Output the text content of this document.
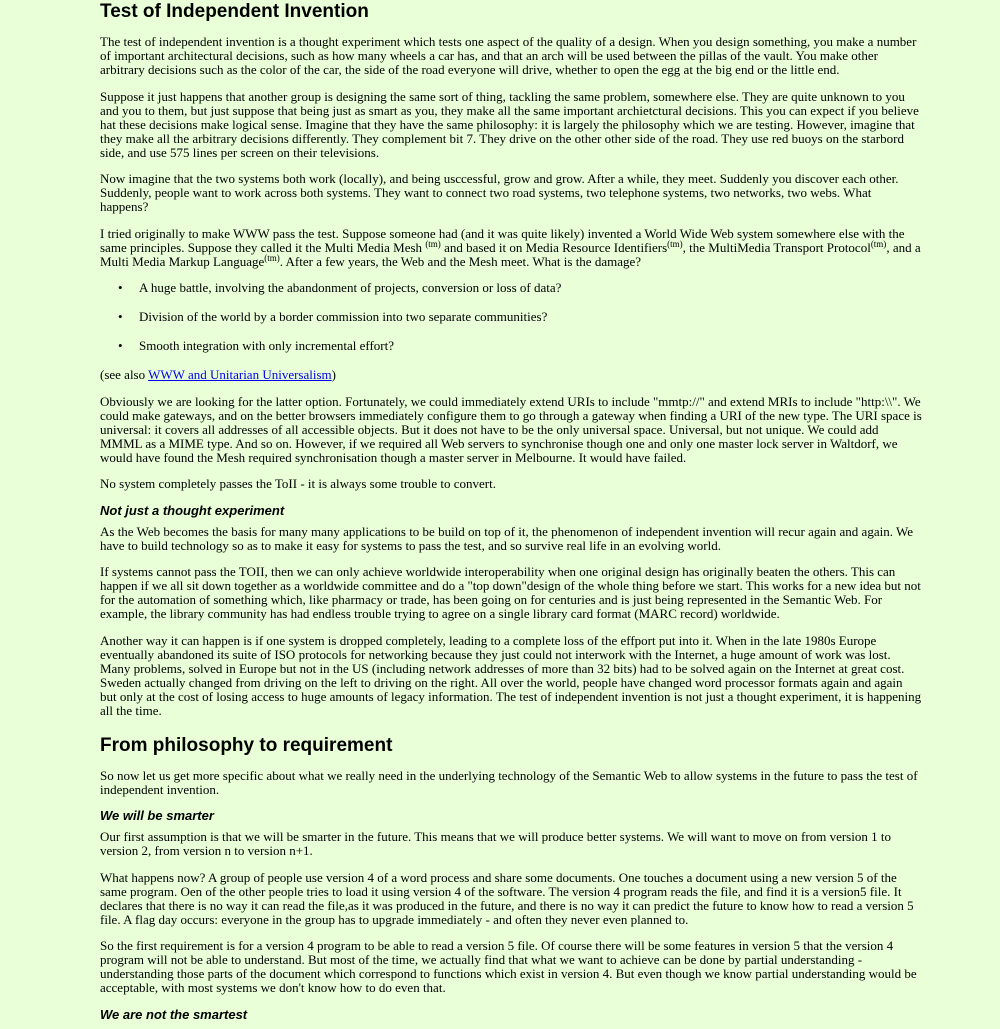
Test of Independent Invention

The test of independent invention is a thought experiment which tests one aspect of the quality of a design. When you design something, you make a number of important architectural decisions, such as how many wheels a car has, and that an arch will be used between the pillas of the vault. You make other arbitrary decisions such as the color of the car, the side of the road everyone will drive, whether to open the egg at the big end or the little end.

Suppose it just happens that another group is designing the same sort of thing, tackling the same problem, somewhere else. They are quite unknown to you and you to them, but just suppose that being just as smart as you, they make all the same important archietctural decisions. This you can expect if you believe hat these decisions make logical sense. Imagine that they have the same philosophy: it is largely the philosophy which we are testing. However, imagine that they make all the arbitrary decisions differently. They complement bit 7. They drive on the other other side of the road. They use red buoys on the starbord side, and use 575 lines per screen on their televisions.

Now imagine that the two systems both work (locally), and being usccessful, grow and grow. After a while, they meet. Suddenly you discover each other. Suddenly, people want to work across both systems. They want to connect two road systems, two telephone systems, two networks, two webs. What happens?

I tried originally to make WWW pass the test. Suppose someone had (and it was quite likely) invented a World Wide Web system somewhere else with the same principles. Suppose they called it the Multi Media Mesh $^{(tm)}$ and based it on Media Resource Identifiers$^{(tm)}$, the MultiMedia Transport Protocol$^{(tm)}$, and a Multi Media Markup Language$^{(tm)}$. After a few years, the Web and the Mesh meet. What is the damage?

• A huge battle, involving the abandonment of projects, conversion or loss of data?
• Division of the world by a border commission into two separate communities?
• Smooth integration with only incremental effort?

(see also WWW and Unitarian Universalism)

Obviously we are looking for the latter option. Fortunately, we could immediately extend URIs to include "mmtp://" and extend MRIs to include "http:\\". We could make gateways, and on the better browsers immediately configure them to go through a gateway when finding a URI of the new type. The URI space is universal: it covers all addresses of all accessible objects. But it does not have to be the only universal space. Universal, but not unique. We could add MMML as a MIME type. And so on. However, if we required all Web servers to synchronise though one and only one master lock server in Waltdorf, we would have found the Mesh required synchronisation though a master server in Melbourne. It would have failed.

No system completely passes the ToII - it is always some trouble to convert.

Not just a thought experiment

As the Web becomes the basis for many many applications to be build on top of it, the phenomenon of independent invention will recur again and again. We have to build technology so as to make it easy for systems to pass the test, and so survive real life in an evolving world.

If systems cannot pass the TOII, then we can only achieve worldwide interoperability when one original design has originally beaten the others. This can happen if we all sit down together as a worldwide committee and do a "top down"design of the whole thing before we start. This works for a new idea but not for the automation of something which, like pharmacy or trade, has been going on for centuries and is just being represented in the Semantic Web. For example, the library community has had endless trouble trying to agree on a single library card format (MARC record) worldwide.

Another way it can happen is if one system is dropped completely, leading to a complete loss of the effport put into it. When in the late 1980s Europe eventually abandoned its suite of ISO protocols for networking because they just could not interwork with the Internet, a huge amount of work was lost. Many problems, solved in Europe but not in the US (including network addresses of more than 32 bits) had to be solved again on the Internet at great cost. Sweden actually changed from driving on the left to driving on the right. All over the world, people have changed word processor formats again and again but only at the cost of losing access to huge amounts of legacy information. The test of independent invention is not just a thought experiment, it is happening all the time.

From philosophy to requirement

So now let us get more specific about what we really need in the underlying technology of the Semantic Web to allow systems in the future to pass the test of independent invention.

We will be smarter

Our first assumption is that we will be smarter in the future. This means that we will produce better systems. We will want to move on from version 1 to version 2, from version n to version n+1.

What happens now? A group of people use version 4 of a word process and share some documents. One touches a document using a new version 5 of the same program. Oen of the other people tries to load it using version 4 of the software. The version 4 program reads the file, and find it is a version5 file. It declares that there is no way it can read the file,as it was produced in the future, and there is no way it can predict the future to know how to read a version 5 file. A flag day occurs: everyone in the group has to upgrade immediately - and often they never even planned to.

So the first requirement is for a version 4 program to be able to read a version 5 file. Of course there will be some features in version 5 that the version 4 program will not be able to understand. But most of the time, we actually find that what we want to achieve can be done by partial understanding - understanding those parts of the document which correspond to functions which exist in version 4. But even though we know partial understanding would be acceptable, with most systems we don't know how to do even that.

We are not the smartest
